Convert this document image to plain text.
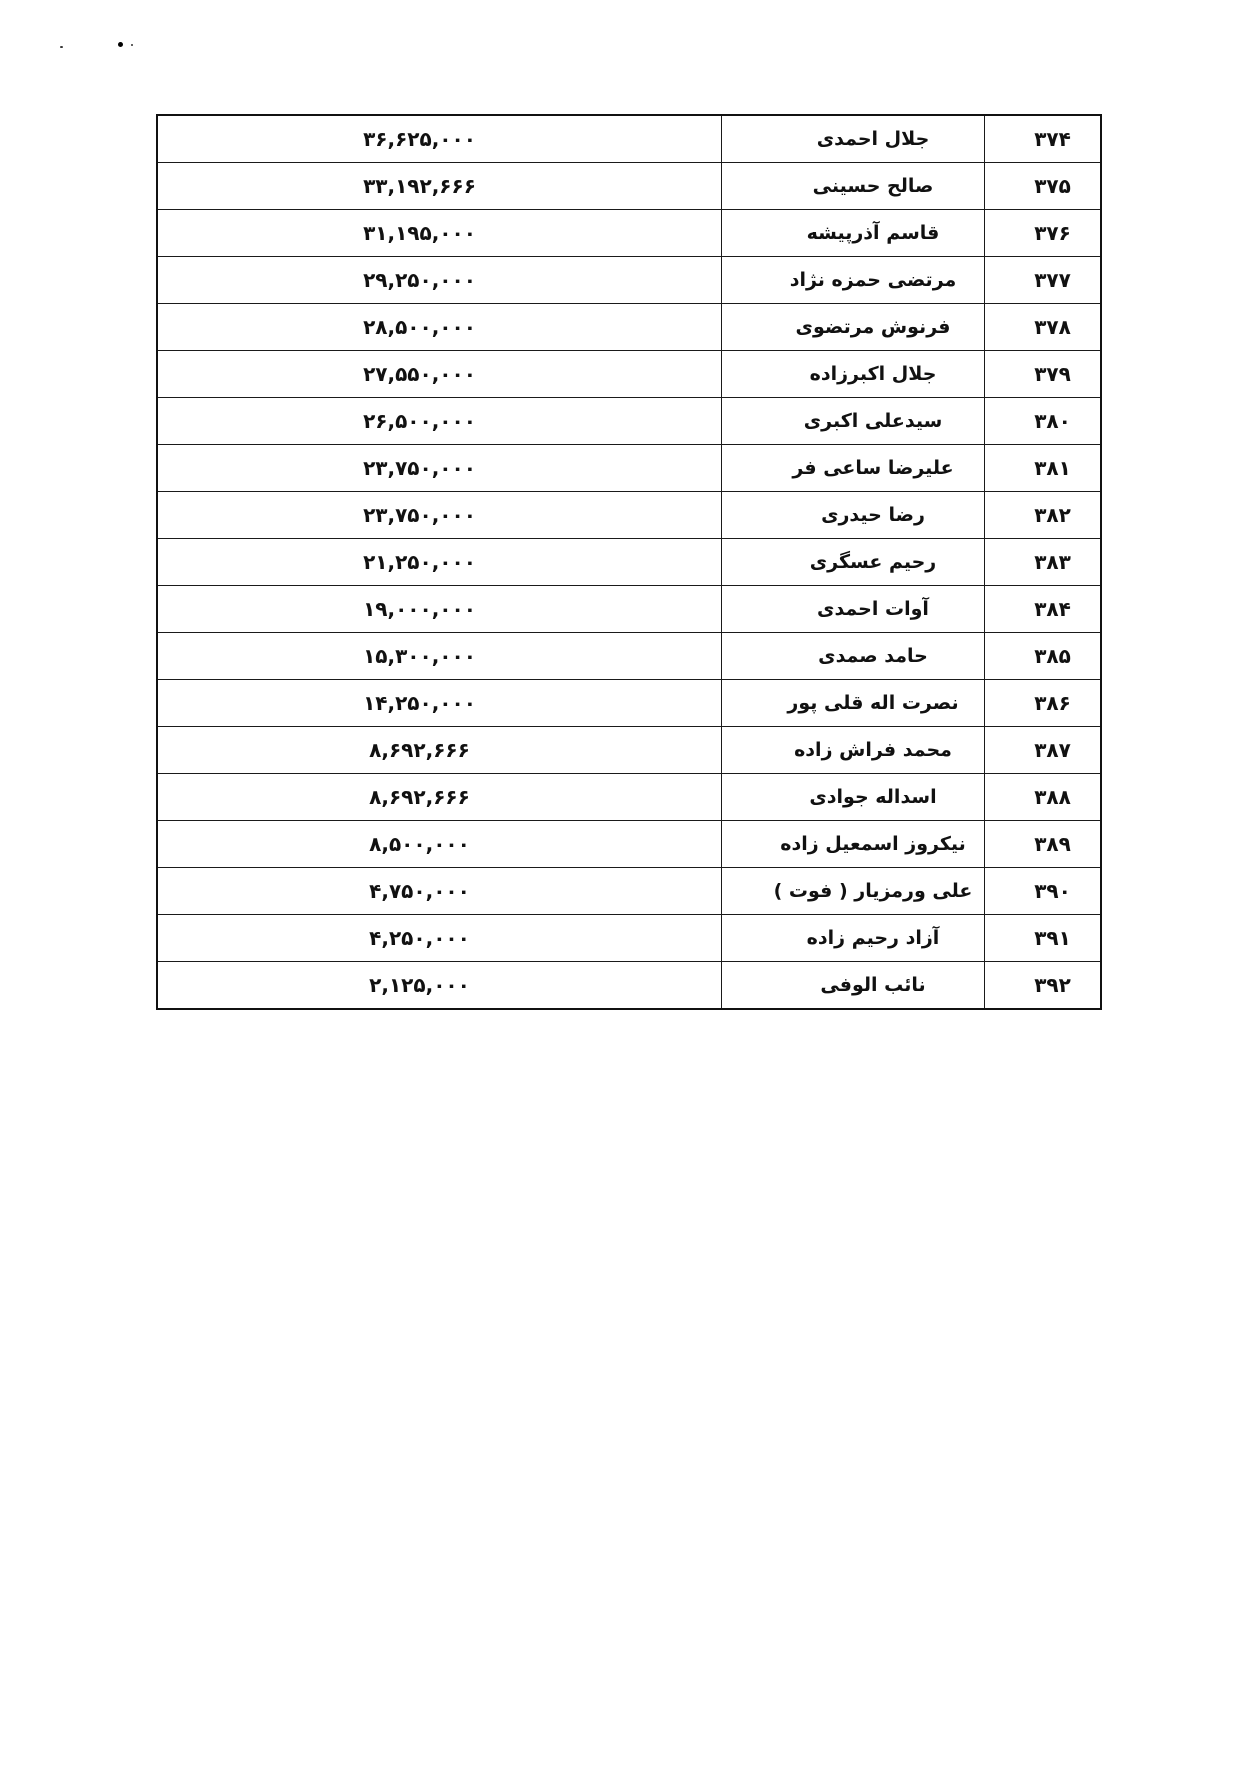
۳۷۴	جلال احمدی	۳۶,۶۲۵,۰۰۰
۳۷۵	صالح حسینی	۳۳,۱۹۲,۶۶۶
۳۷۶	قاسم آذرپیشه	۳۱,۱۹۵,۰۰۰
۳۷۷	مرتضی حمزه نژاد	۲۹,۲۵۰,۰۰۰
۳۷۸	فرنوش مرتضوی	۲۸,۵۰۰,۰۰۰
۳۷۹	جلال اکبرزاده	۲۷,۵۵۰,۰۰۰
۳۸۰	سیدعلی اکبری	۲۶,۵۰۰,۰۰۰
۳۸۱	علیرضا ساعی فر	۲۳,۷۵۰,۰۰۰
۳۸۲	رضا حیدری	۲۳,۷۵۰,۰۰۰
۳۸۳	رحیم عسگری	۲۱,۲۵۰,۰۰۰
۳۸۴	آوات احمدی	۱۹,۰۰۰,۰۰۰
۳۸۵	حامد صمدی	۱۵,۳۰۰,۰۰۰
۳۸۶	نصرت اله قلی پور	۱۴,۲۵۰,۰۰۰
۳۸۷	محمد فراش زاده	۸,۶۹۲,۶۶۶
۳۸۸	اسداله جوادی	۸,۶۹۲,۶۶۶
۳۸۹	نیکروز اسمعیل زاده	۸,۵۰۰,۰۰۰
۳۹۰	علی ورمزیار ( فوت )	۴,۷۵۰,۰۰۰
۳۹۱	آزاد رحیم زاده	۴,۲۵۰,۰۰۰
۳۹۲	نائب الوفی	۲,۱۲۵,۰۰۰
